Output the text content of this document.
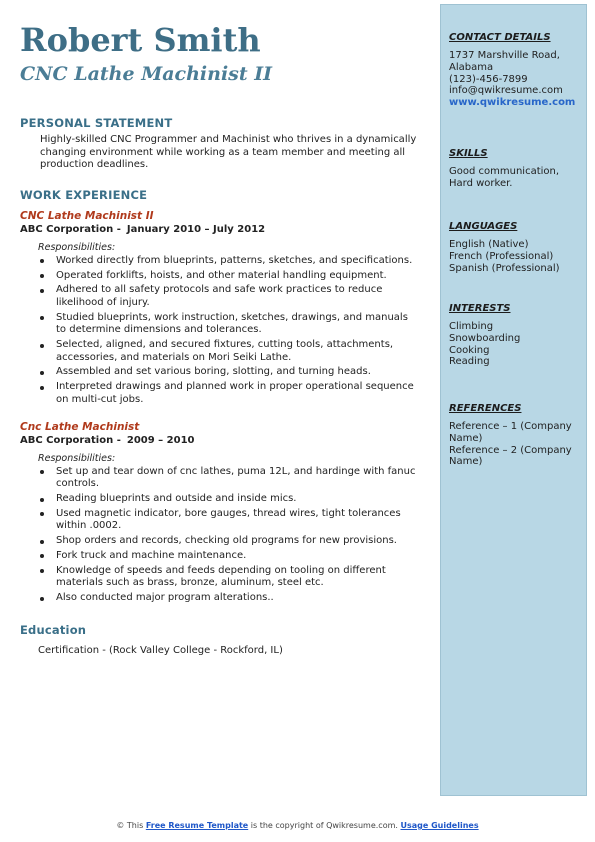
Robert Smith
CNC Lathe Machinist II
PERSONAL STATEMENT

Highly-skilled CNC Programmer and Machinist who thrives in a dynamically changing environment while working as a team member and meeting all production deadlines.

WORK EXPERIENCE

CNC Lathe Machinist II

ABC Corporation - January 2010 – July 2012

Responsibilities:

Worked directly from blueprints, patterns, sketches, and specifications.
Operated forklifts, hoists, and other material handling equipment.
Adhered to all safety protocols and safe work practices to reduce likelihood of injury.
Studied blueprints, work instruction, sketches, drawings, and manuals to determine dimensions and tolerances.
Selected, aligned, and secured fixtures, cutting tools, attachments, accessories, and materials on Mori Seiki Lathe.
Assembled and set various boring, slotting, and turning heads.
Interpreted drawings and planned work in proper operational sequence on multi-cut jobs.

Cnc Lathe Machinist

ABC Corporation - 2009 – 2010

Responsibilities:

Set up and tear down of cnc lathes, puma 12L, and hardinge with fanuc controls.
Reading blueprints and outside and inside mics.
Used magnetic indicator, bore gauges, thread wires, tight tolerances within .0002.
Shop orders and records, checking old programs for new provisions.
Fork truck and machine maintenance.
Knowledge of speeds and feeds depending on tooling on different materials such as brass, bronze, aluminum, steel etc.
Also conducted major program alterations..
Education

Certification - (Rock Valley College - Rockford, IL)

CONTACT DETAILS

1737 Marshville Road,
Alabama
(123)-456-7899
info@qwikresume.com
www.qwikresume.com

SKILLS

Good communication,
Hard worker.

LANGUAGES

English (Native)
French (Professional)
Spanish (Professional)

INTERESTS

Climbing
Snowboarding
Cooking
Reading

REFERENCES

Reference – 1 (Company
Name)
Reference – 2 (Company
Name)
© This Free Resume Template is the copyright of Qwikresume.com. Usage Guidelines
